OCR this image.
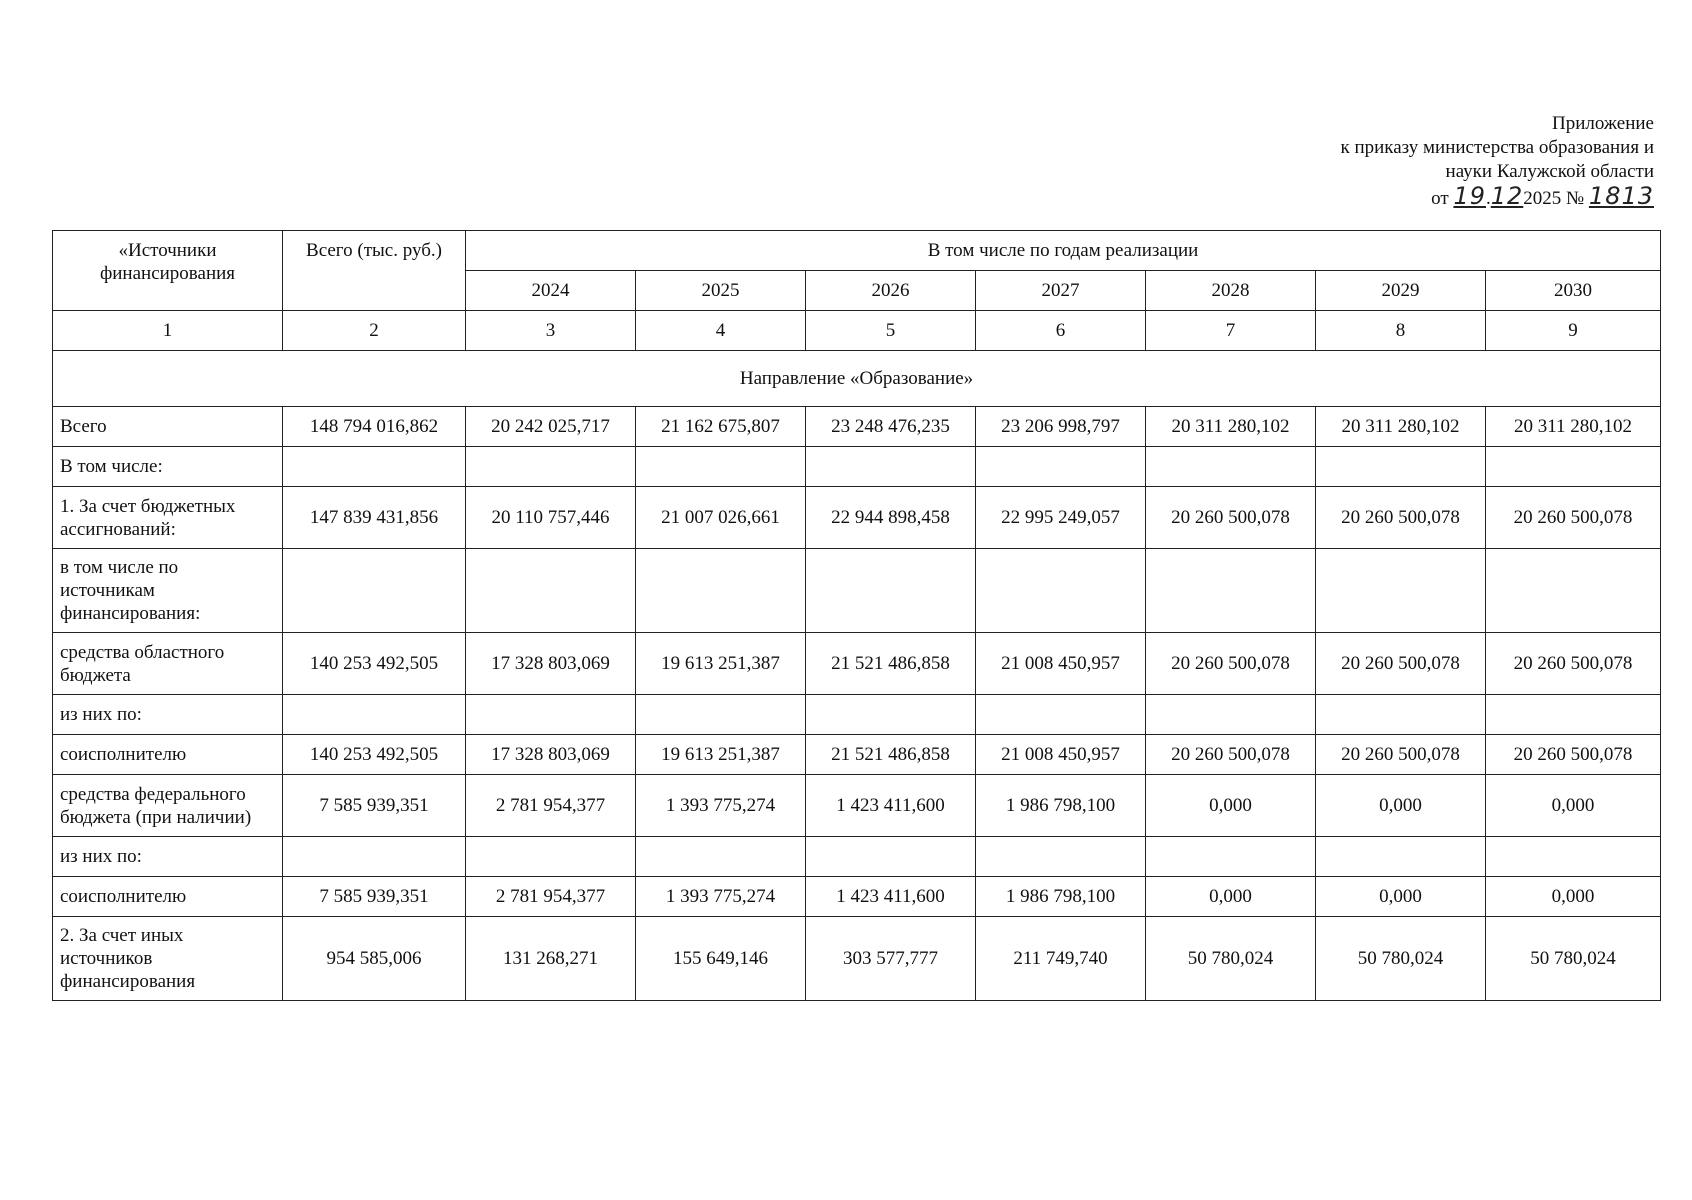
Приложение
к приказу министерства образования и
науки Калужской области
от 19.122025 № 1813
«Источники финансирования	Всего (тыс. руб.)	В том числе по годам реализации						
		2024	2025	2026	2027	2028	2029	2030
1	2	3	4	5	6	7	8	9
Направление «Образование»								
Всего	148 794 016,862	20 242 025,717	21 162 675,807	23 248 476,235	23 206 998,797	20 311 280,102	20 311 280,102	20 311 280,102
В том числе:								
1. За счет бюджетных ассигнований:	147 839 431,856	20 110 757,446	21 007 026,661	22 944 898,458	22 995 249,057	20 260 500,078	20 260 500,078	20 260 500,078
в том числе по источникам финансирования:								
средства областного бюджета	140 253 492,505	17 328 803,069	19 613 251,387	21 521 486,858	21 008 450,957	20 260 500,078	20 260 500,078	20 260 500,078
из них по:								
соисполнителю	140 253 492,505	17 328 803,069	19 613 251,387	21 521 486,858	21 008 450,957	20 260 500,078	20 260 500,078	20 260 500,078
средства федерального бюджета (при наличии)	7 585 939,351	2 781 954,377	1 393 775,274	1 423 411,600	1 986 798,100	0,000	0,000	0,000
из них по:								
соисполнителю	7 585 939,351	2 781 954,377	1 393 775,274	1 423 411,600	1 986 798,100	0,000	0,000	0,000
2. За счет иных источников финансирования	954 585,006	131 268,271	155 649,146	303 577,777	211 749,740	50 780,024	50 780,024	50 780,024
